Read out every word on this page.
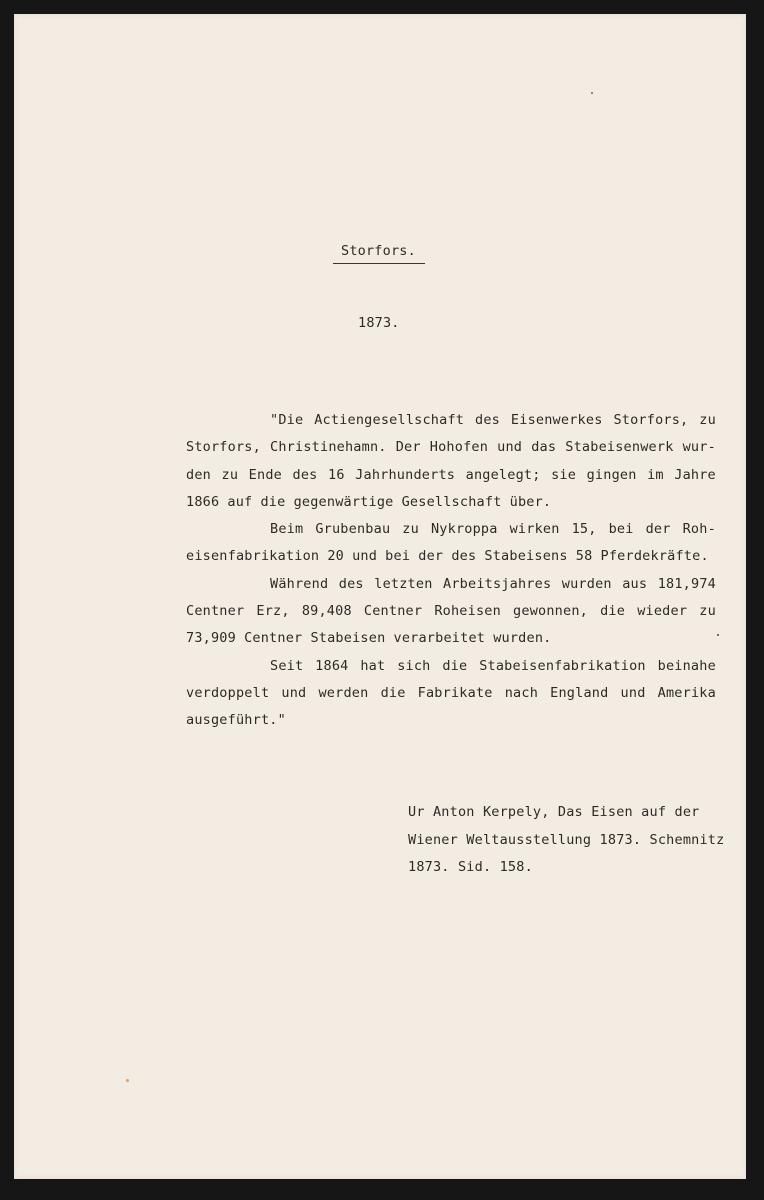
Storfors.
1873.
"Die Actiengesellschaft des Eisenwerkes Storfors, zu
Storfors, Christinehamn. Der Hohofen und das Stabeisenwerk wur-
den zu Ende des 16 Jahrhunderts angelegt; sie gingen im Jahre
1866 auf die gegenwärtige Gesellschaft über.
Beim Grubenbau zu Nykroppa wirken 15, bei der Roh-
eisenfabrikation 20 und bei der des Stabeisens 58 Pferdekräfte.
Während des letzten Arbeitsjahres wurden aus 181,974
Centner Erz, 89,408 Centner Roheisen gewonnen, die wieder zu
73,909 Centner Stabeisen verarbeitet wurden.
Seit 1864 hat sich die Stabeisenfabrikation beinahe
verdoppelt und werden die Fabrikate nach England und Amerika
ausgeführt."
Ur Anton Kerpely, Das Eisen auf der
Wiener Weltausstellung 1873. Schemnitz
1873. Sid. 158.
